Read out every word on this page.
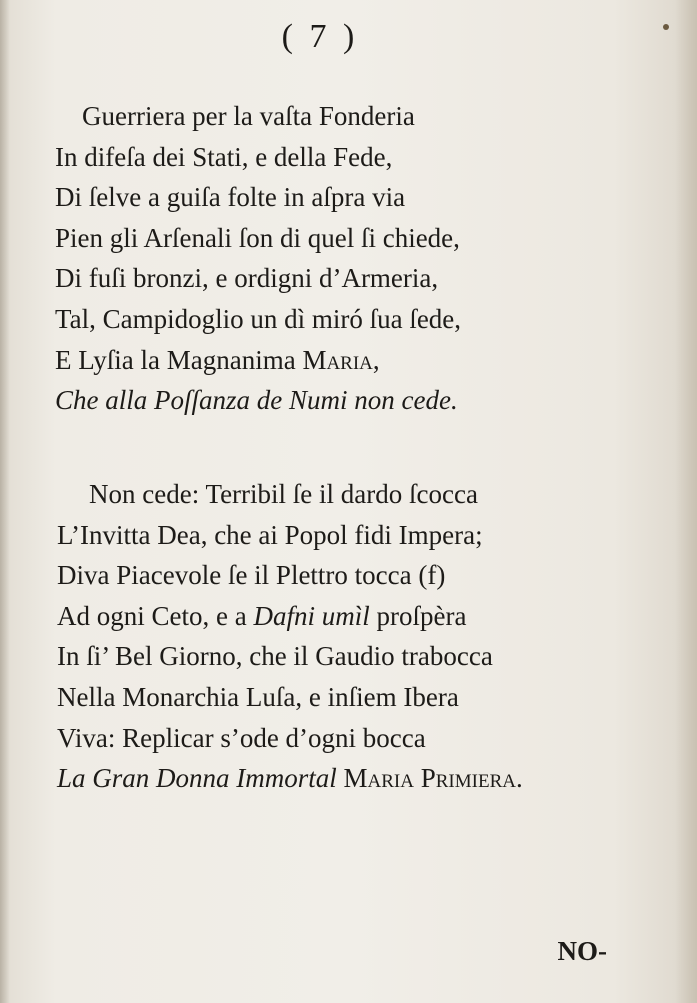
( 7 )
Guerriera per la vaſta Fonderia
In difeſa dei Stati, e della Fede,
Di ſelve a guiſa folte in aſpra via
Pien gli Arſenali ſon di quel ſi chiede,
Di fuſi bronzi, e ordigni d’Armeria,
Tal, Campidoglio un dì miró ſua ſede,
E Lyſia la Magnanima Maria,
Che alla Poſſanza de Numi non cede.
Non cede: Terribil ſe il dardo ſcocca
L’Invitta Dea, che ai Popol fidi Impera;
Diva Piacevole ſe il Plettro tocca (f)
Ad ogni Ceto, e a Dafni umìl proſpèra
In ſi’ Bel Giorno, che il Gaudio trabocca
Nella Monarchia Luſa, e inſiem Ibera
Viva: Replicar s’ode d’ogni bocca
La Gran Donna Immortal Maria Primiera.
NO-
